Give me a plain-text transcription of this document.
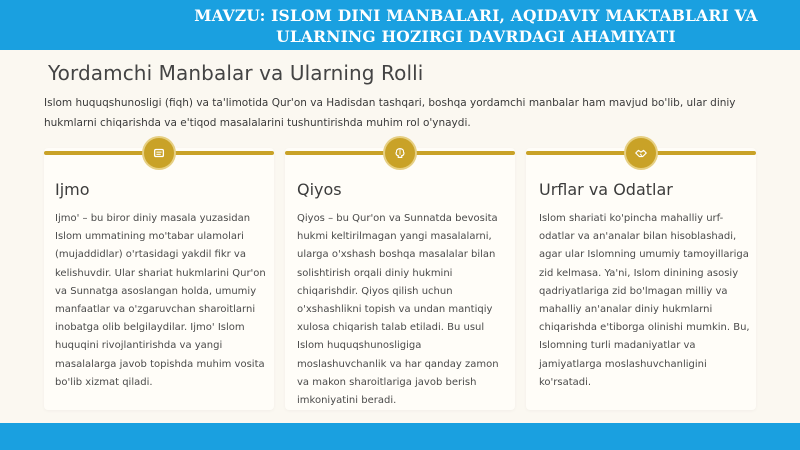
MAVZU: ISLOM DINI MANBALARI, AQIDAVIY MAKTABLARI VA ULARNING HOZIRGI DAVRDAGI AHAMIYATI
Yordamchi Manbalar va Ularning Rolli
Islom huquqshunosligi (fiqh) va ta'limotida Qur'on va Hadisdan tashqari, boshqa yordamchi manbalar ham mavjud bo'lib, ular diniy hukmlarni chiqarishda va e'tiqod masalalarini tushuntirishda muhim rol o'ynaydi.
Ijmo
Ijmo' – bu biror diniy masala yuzasidan Islom ummatining mo'tabar ulamolari (mujaddidlar) o'rtasidagi yakdil fikr va kelishuvdir. Ular shariat hukmlarini Qur'on va Sunnatga asoslangan holda, umumiy manfaatlar va o'zgaruvchan sharoitlarni inobatga olib belgilaydilar. Ijmo' Islom huquqini rivojlantirishda va yangi masalalarga javob topishda muhim vosita bo'lib xizmat qiladi.
Qiyos
Qiyos – bu Qur'on va Sunnatda bevosita hukmi keltirilmagan yangi masalalarni, ularga o'xshash boshqa masalalar bilan solishtirish orqali diniy hukmini chiqarishdir. Qiyos qilish uchun o'xshashlikni topish va undan mantiqiy xulosa chiqarish talab etiladi. Bu usul Islom huquqshunosligiga moslashuvchanlik va har qanday zamon va makon sharoitlariga javob berish imkoniyatini beradi.
Urflar va Odatlar
Islom shariati ko'pincha mahalliy urf-odatlar va an'analar bilan hisoblashadi, agar ular Islomning umumiy tamoyillariga zid kelmasa. Ya'ni, Islom dinining asosiy qadriyatlariga zid bo'lmagan milliy va mahalliy an'analar diniy hukmlarni chiqarishda e'tiborga olinishi mumkin. Bu, Islomning turli madaniyatlar va jamiyatlarga moslashuvchanligini ko'rsatadi.
